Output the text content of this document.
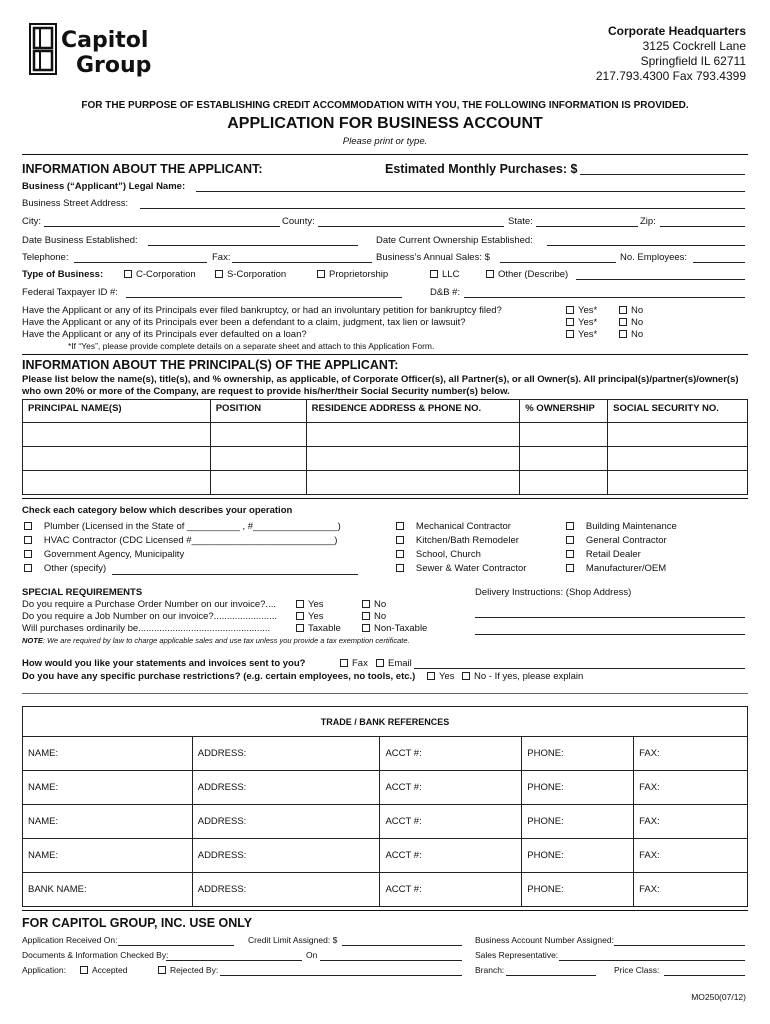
Capitol
Group
Corporate Headquarters
3125 Cockrell Lane
Springfield IL 62711
217.793.4300 Fax 793.4399
FOR THE PURPOSE OF ESTABLISHING CREDIT ACCOMMODATION WITH YOU, THE FOLLOWING INFORMATION IS PROVIDED.
APPLICATION FOR BUSINESS ACCOUNT
Please print or type.
INFORMATION ABOUT THE APPLICANT:	Estimated Monthly Purchases: $
Business (“Applicant”) Legal Name:
Business Street Address:
City:	County:	State:	Zip:
Date Business Established:	Date Current Ownership Established:
Telephone:	Fax:	Business’s Annual Sales: $	No. Employees:
Type of Business:	C-Corporation	S-Corporation	Proprietorship	LLC	Other (Describe)
Federal Taxpayer ID #:	D&B #:
Have the Applicant or any of its Principals ever filed bankruptcy, or had an involuntary petition for bankruptcy filed?
Have the Applicant or any of its Principals ever been a defendant to a claim, judgment, tax lien or lawsuit?
Have the Applicant or any of its Principals ever defaulted on a loan?
Yes*	No
Yes*	No
Yes*	No
*If “Yes”, please provide complete details on a separate sheet and attach to this Application Form.
INFORMATION ABOUT THE PRINCIPAL(S) OF THE APPLICANT:
Please list below the name(s), title(s), and % ownership, as applicable, of Corporate Officer(s), all Partner(s), or all Owner(s). All principal(s)/partner(s)/owner(s) who own 20% or more of the Company, are request to provide his/her/their Social Security number(s) below.
PRINCIPAL NAME(S)	POSITION	RESIDENCE ADDRESS & PHONE NO.	% OWNERSHIP	SOCIAL SECURITY NO.

Check each category below which describes your operation
Plumber (Licensed in the State of __________ , #________________)
HVAC Contractor (CDC Licensed #___________________________)
Government Agency, Municipality
Other (specify)
Mechanical Contractor
Kitchen/Bath Remodeler
School, Church
Sewer & Water Contractor
Building Maintenance
General Contractor
Retail Dealer
Manufacturer/OEM
SPECIAL REQUIREMENTS
Do you require a Purchase Order Number on our invoice?....
Do you require a Job Number on our invoice?........................
Will purchases ordinarily be..................................................
Yes	No
Yes	No
Taxable	Non-Taxable
NOTE: We are required by law to charge applicable sales and use tax unless you provide a tax exemption certificate.
Delivery Instructions: (Shop Address)
How would you like your statements and invoices sent to you?	Fax	Email
Do you have any specific purchase restrictions? (e.g. certain employees, no tools, etc.)	Yes	No - If yes, please explain
TRADE / BANK REFERENCES				
NAME:	ADDRESS:	ACCT #:	PHONE:	FAX:
NAME:	ADDRESS:	ACCT #:	PHONE:	FAX:
NAME:	ADDRESS:	ACCT #:	PHONE:	FAX:
NAME:	ADDRESS:	ACCT #:	PHONE:	FAX:
BANK NAME:	ADDRESS:	ACCT #:	PHONE:	FAX:
FOR CAPITOL GROUP, INC. USE ONLY
Application Received On:	Credit Limit Assigned: $	Business Account Number Assigned:
Documents & Information Checked By:	On	Sales Representative:
Application:	Accepted	Rejected By:	Branch:	Price Class:
MO250(07/12)
